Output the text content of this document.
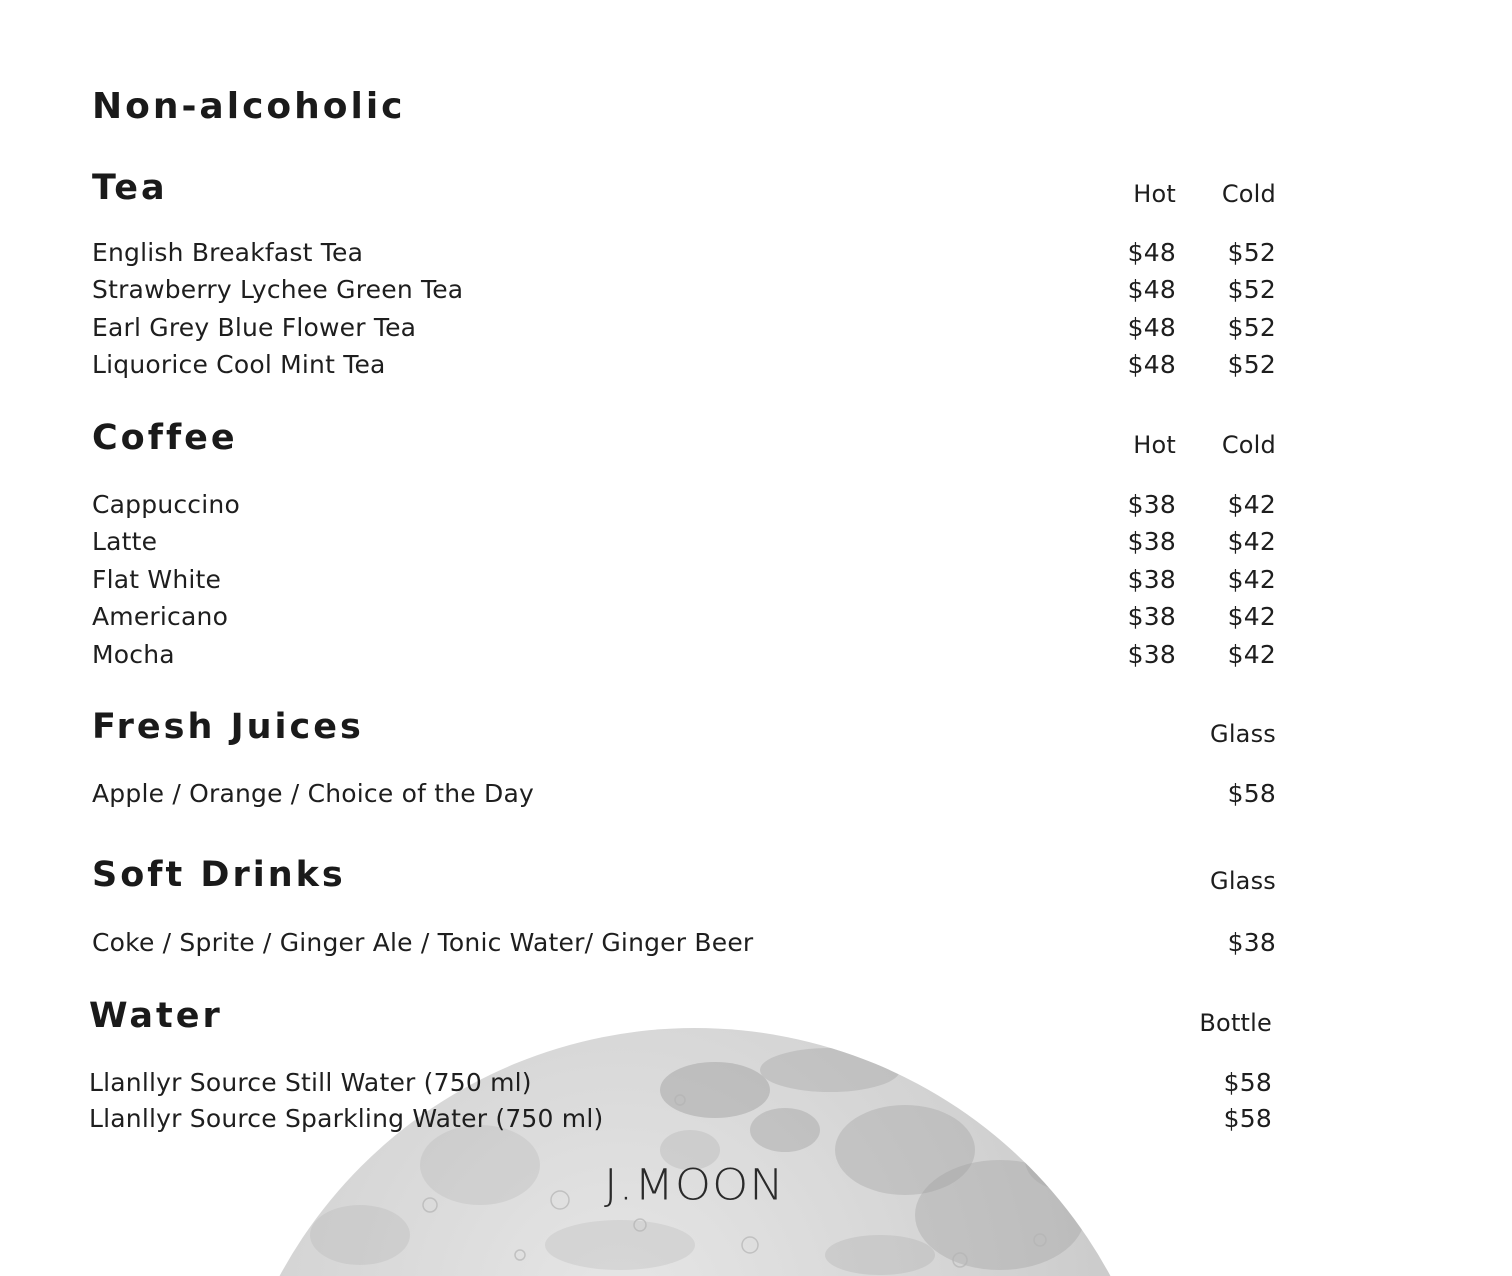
Non-alcoholic
Tea	Hot Cold
English Breakfast Tea	$48 $52
Strawberry Lychee Green Tea	$48 $52
Earl Grey Blue Flower Tea	$48 $52
Liquorice Cool Mint Tea	$48 $52
Coffee	Hot Cold
Cappuccino	$38 $42
Latte	$38 $42
Flat White	$38 $42
Americano	$38 $42
Mocha	$38 $42
Fresh Juices	Glass
Apple / Orange / Choice of the Day	$58
Soft Drinks	Glass
Coke / Sprite / Ginger Ale / Tonic Water/ Ginger Beer	$38
Water	Bottle
Llanllyr Source Still Water (750 ml)	$58
Llanllyr Source Sparkling Water (750 ml)	$58
J.MOON
